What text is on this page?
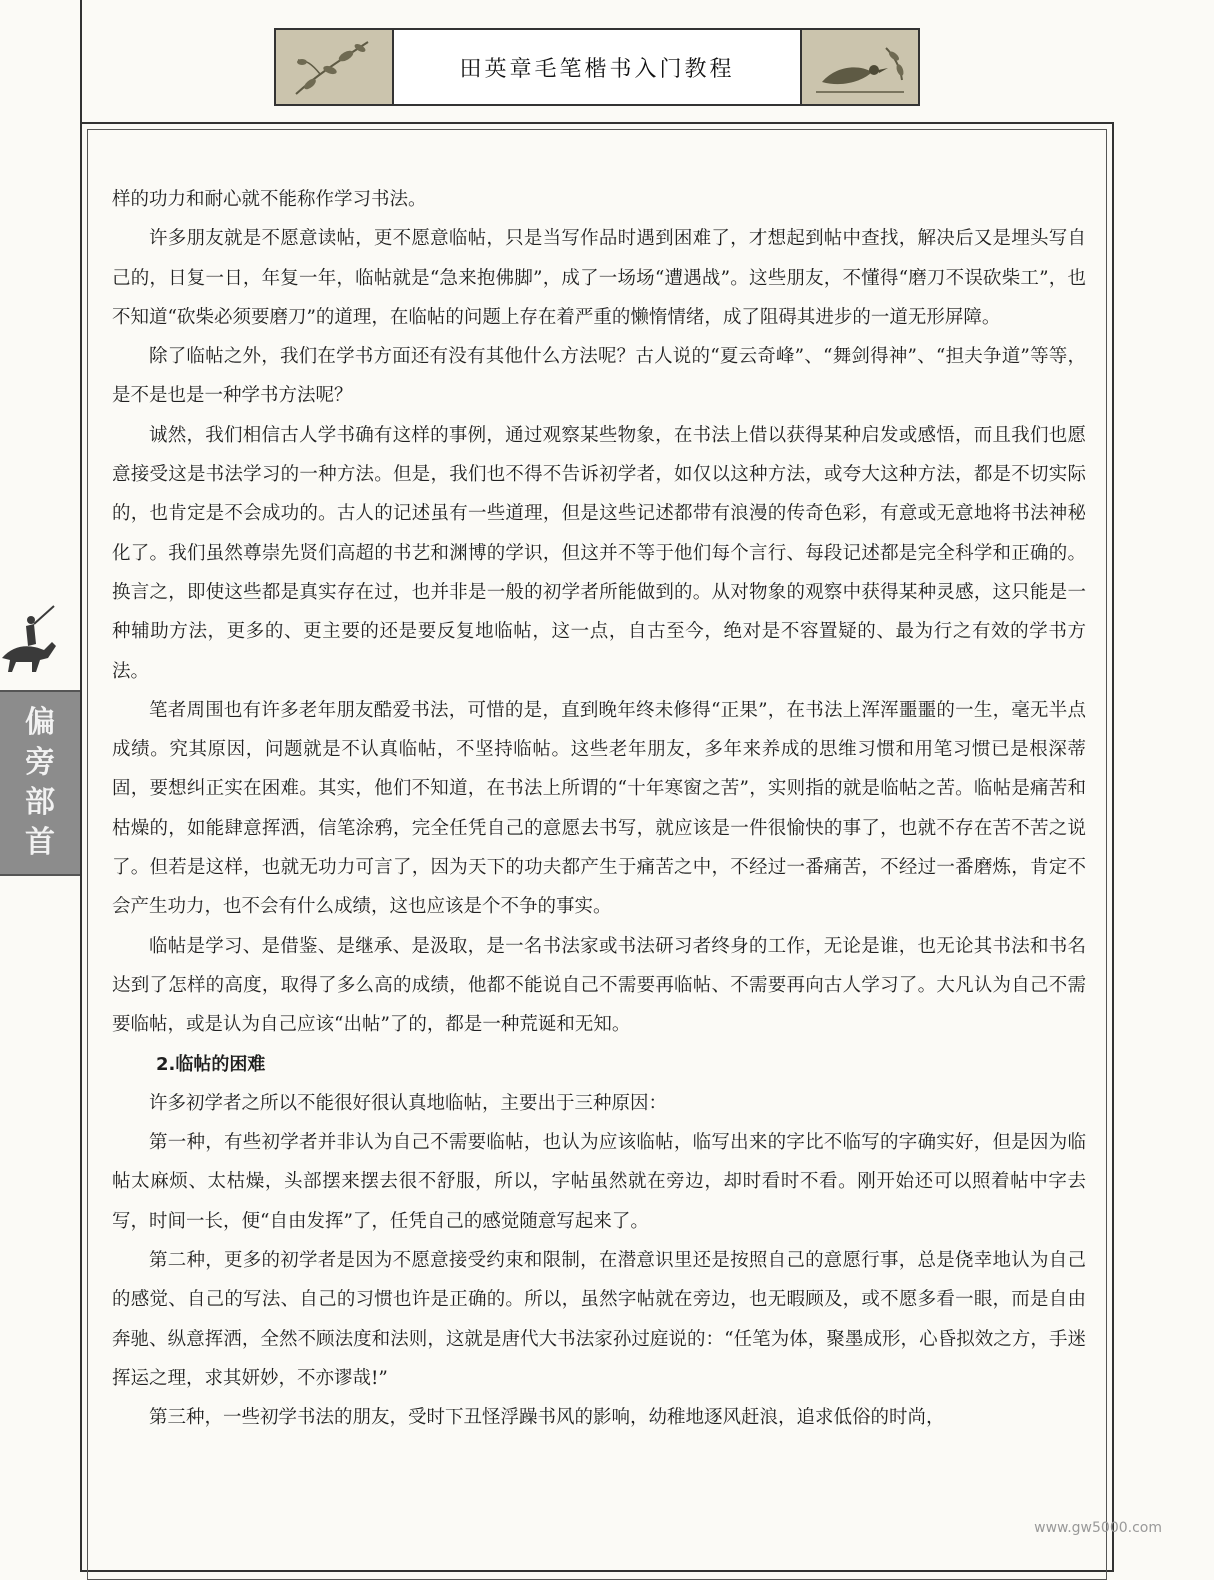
田英章毛笔楷书入门教程
偏
旁
部
首

样的功力和耐心就不能称作学习书法。

许多朋友就是不愿意读帖，更不愿意临帖，只是当写作品时遇到困难了，才想起到帖中查找，解决后又是埋头写自己的，日复一日，年复一年，临帖就是“急来抱佛脚”，成了一场场“遭遇战”。这些朋友，不懂得“磨刀不误砍柴工”，也不知道“砍柴必须要磨刀”的道理，在临帖的问题上存在着严重的懒惰情绪，成了阻碍其进步的一道无形屏障。

除了临帖之外，我们在学书方面还有没有其他什么方法呢？古人说的“夏云奇峰”、“舞剑得神”、“担夫争道”等等，是不是也是一种学书方法呢？

诚然，我们相信古人学书确有这样的事例，通过观察某些物象，在书法上借以获得某种启发或感悟，而且我们也愿意接受这是书法学习的一种方法。但是，我们也不得不告诉初学者，如仅以这种方法，或夸大这种方法，都是不切实际的，也肯定是不会成功的。古人的记述虽有一些道理，但是这些记述都带有浪漫的传奇色彩，有意或无意地将书法神秘化了。我们虽然尊崇先贤们高超的书艺和渊博的学识，但这并不等于他们每个言行、每段记述都是完全科学和正确的。换言之，即使这些都是真实存在过，也并非是一般的初学者所能做到的。从对物象的观察中获得某种灵感，这只能是一种辅助方法，更多的、更主要的还是要反复地临帖，这一点，自古至今，绝对是不容置疑的、最为行之有效的学书方法。

笔者周围也有许多老年朋友酷爱书法，可惜的是，直到晚年终未修得“正果”，在书法上浑浑噩噩的一生，毫无半点成绩。究其原因，问题就是不认真临帖，不坚持临帖。这些老年朋友，多年来养成的思维习惯和用笔习惯已是根深蒂固，要想纠正实在困难。其实，他们不知道，在书法上所谓的“十年寒窗之苦”，实则指的就是临帖之苦。临帖是痛苦和枯燥的，如能肆意挥洒，信笔涂鸦，完全任凭自己的意愿去书写，就应该是一件很愉快的事了，也就不存在苦不苦之说了。但若是这样，也就无功力可言了，因为天下的功夫都产生于痛苦之中，不经过一番痛苦，不经过一番磨炼，肯定不会产生功力，也不会有什么成绩，这也应该是个不争的事实。

临帖是学习、是借鉴、是继承、是汲取，是一名书法家或书法研习者终身的工作，无论是谁，也无论其书法和书名达到了怎样的高度，取得了多么高的成绩，他都不能说自己不需要再临帖、不需要再向古人学习了。大凡认为自己不需要临帖，或是认为自己应该“出帖”了的，都是一种荒诞和无知。

2.临帖的困难

许多初学者之所以不能很好很认真地临帖，主要出于三种原因：

第一种，有些初学者并非认为自己不需要临帖，也认为应该临帖，临写出来的字比不临写的字确实好，但是因为临帖太麻烦、太枯燥，头部摆来摆去很不舒服，所以，字帖虽然就在旁边，却时看时不看。刚开始还可以照着帖中字去写，时间一长，便“自由发挥”了，任凭自己的感觉随意写起来了。

第二种，更多的初学者是因为不愿意接受约束和限制，在潜意识里还是按照自己的意愿行事，总是侥幸地认为自己的感觉、自己的写法、自己的习惯也许是正确的。所以，虽然字帖就在旁边，也无暇顾及，或不愿多看一眼，而是自由奔驰、纵意挥洒，全然不顾法度和法则，这就是唐代大书法家孙过庭说的：“任笔为体，聚墨成形，心昏拟效之方，手迷挥运之理，求其妍妙，不亦谬哉!”

第三种，一些初学书法的朋友，受时下丑怪浮躁书风的影响，幼稚地逐风赶浪，追求低俗的时尚，

www.gw5000.com
